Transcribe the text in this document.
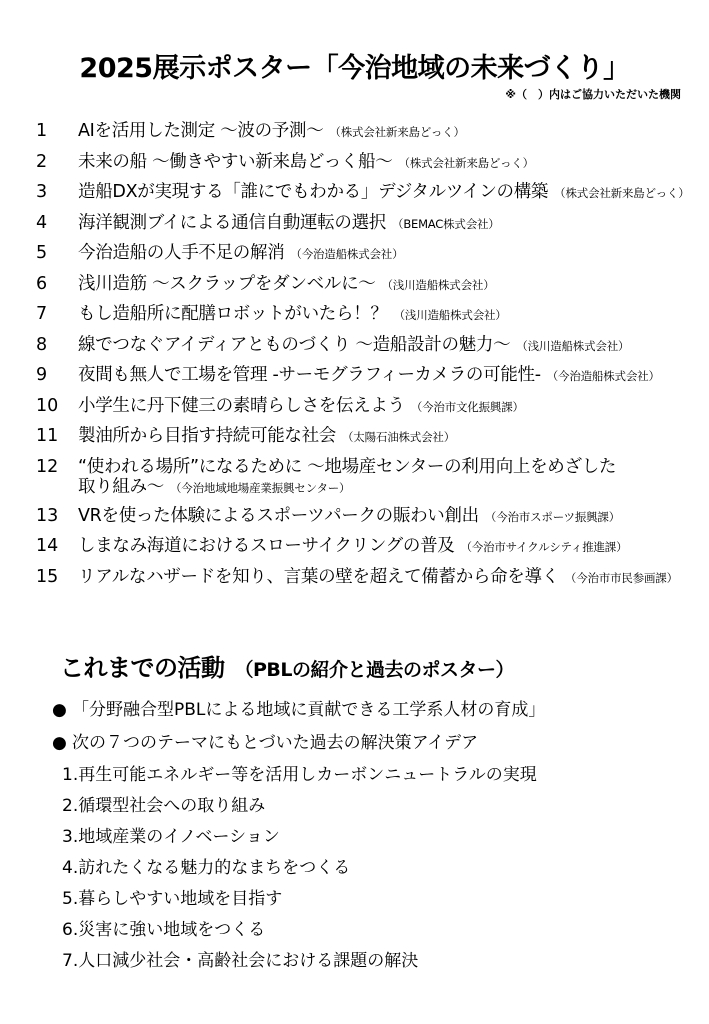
2025展示ポスター「今治地域の未来づくり」
※（　）内はご協力いただいた機関
1	AIを活用した測定 ～波の予測～ （株式会社新来島どっく）
2	未来の船 ～働きやすい新来島どっく船～ （株式会社新来島どっく）
3	造船DXが実現する「誰にでもわかる」デジタルツインの構築 （株式会社新来島どっく）
4	海洋観測ブイによる通信自動運転の選択 （BEMAC株式会社）
5	今治造船の人手不足の解消 （今治造船株式会社）
6	浅川造筋 ～スクラップをダンベルに～ （浅川造船株式会社）
7	もし造船所に配膳ロボットがいたら！？ （浅川造船株式会社）
8	線でつなぐアイディアとものづくり ～造船設計の魅力～ （浅川造船株式会社）
9	夜間も無人で工場を管理 -サーモグラフィーカメラの可能性- （今治造船株式会社）
10	小学生に丹下健三の素晴らしさを伝えよう （今治市文化振興課）
11	製油所から目指す持続可能な社会 （太陽石油株式会社）
12	“使われる場所”になるために ～地場産センターの利用向上をめざした
取り組み～ （今治地域地場産業振興センター）
13	VRを使った体験によるスポーツパークの賑わい創出 （今治市スポーツ振興課）
14	しまなみ海道におけるスローサイクリングの普及 （今治市サイクルシティ推進課）
15	リアルなハザードを知り、言葉の壁を超えて備蓄から命を導く （今治市市民参画課）
これまでの活動 （PBLの紹介と過去のポスター）
● 「分野融合型PBLによる地域に貢献できる工学系人材の育成」
● 次の７つのテーマにもとづいた過去の解決策アイデア
1.再生可能エネルギー等を活用しカーボンニュートラルの実現
2.循環型社会への取り組み
3.地域産業のイノベーション
4.訪れたくなる魅力的なまちをつくる
5.暮らしやすい地域を目指す
6.災害に強い地域をつくる
7.人口減少社会・高齢社会における課題の解決
